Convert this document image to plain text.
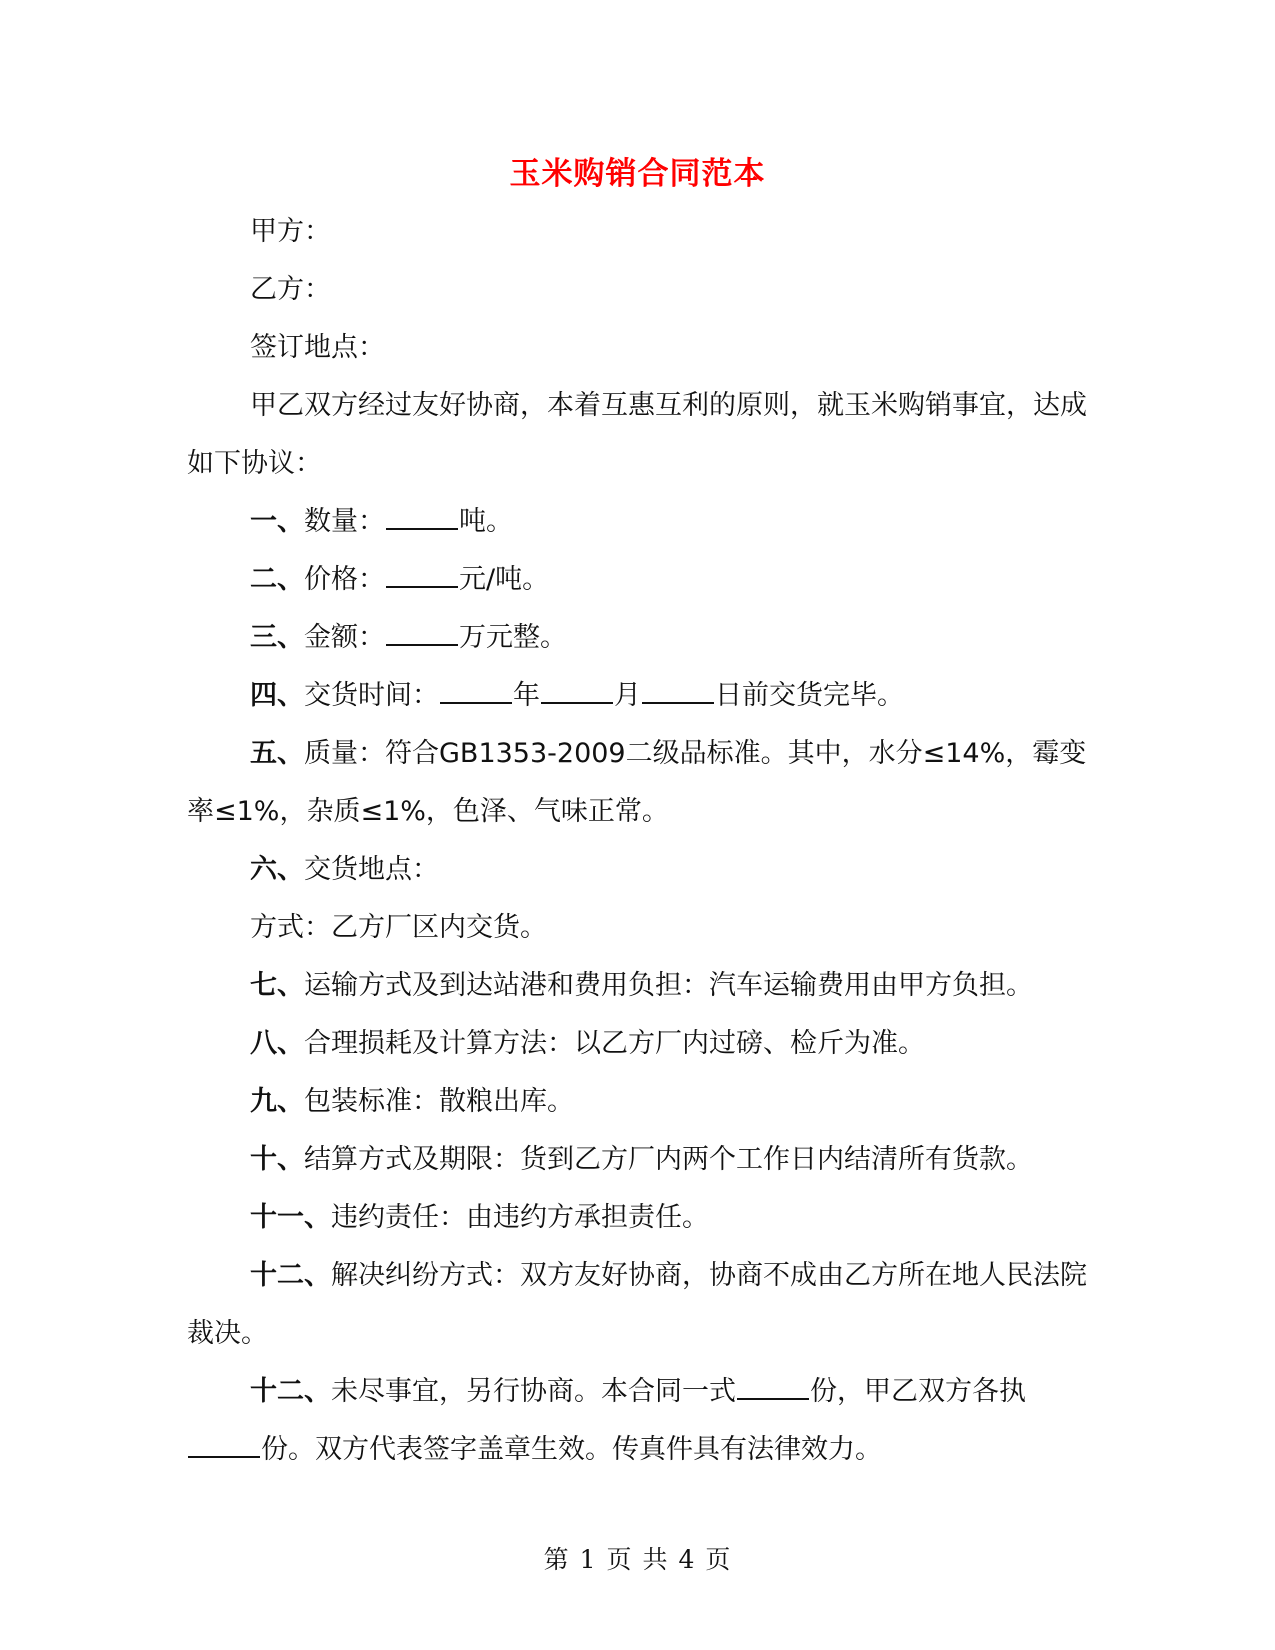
玉米购销合同范本

甲方：

乙方：

签订地点：

甲乙双方经过友好协商，本着互惠互利的原则，就玉米购销事宜，达成如下协议：

一、数量：	吨。

二、价格：	元/吨。

三、金额：	万元整。

四、交货时间：	年	月	日前交货完毕。

五、质量：符合GB1353-2009二级品标准。其中，水分≤14%，霉变率≤1%，杂质≤1%，色泽、气味正常。

六、交货地点：

方式：乙方厂区内交货。

七、运输方式及到达站港和费用负担：汽车运输费用由甲方负担。

八、合理损耗及计算方法：以乙方厂内过磅、检斤为准。

九、包装标准：散粮出库。

十、结算方式及期限：货到乙方厂内两个工作日内结清所有货款。

十一、违约责任：由违约方承担责任。

十二、解决纠纷方式：双方友好协商，协商不成由乙方所在地人民法院裁决。

十二、未尽事宜，另行协商。本合同一式	份，甲乙双方各执份。双方代表签字盖章生效。传真件具有法律效力。

第 1 页 共 4 页
